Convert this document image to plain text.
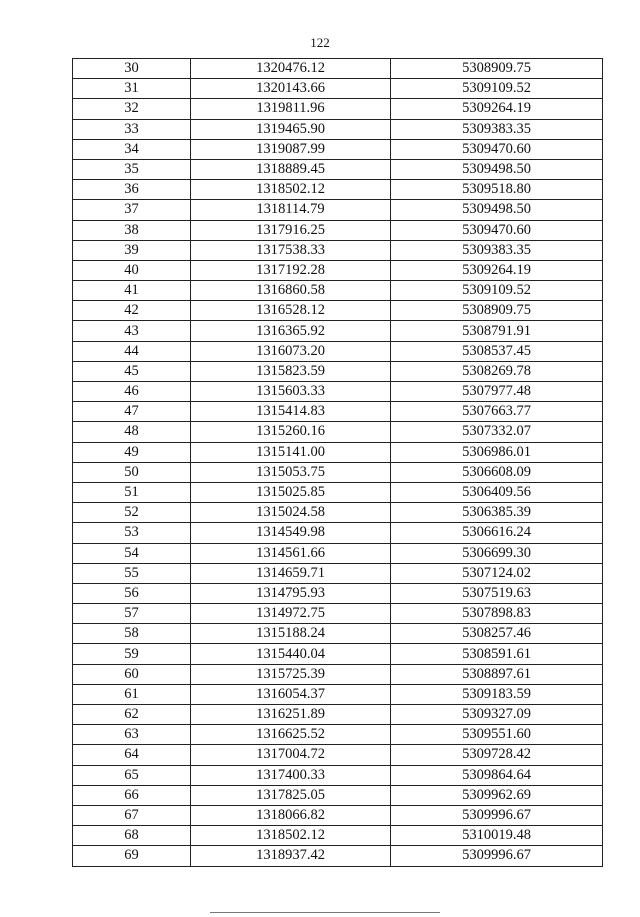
122
30	1320476.12	5308909.75
31	1320143.66	5309109.52
32	1319811.96	5309264.19
33	1319465.90	5309383.35
34	1319087.99	5309470.60
35	1318889.45	5309498.50
36	1318502.12	5309518.80
37	1318114.79	5309498.50
38	1317916.25	5309470.60
39	1317538.33	5309383.35
40	1317192.28	5309264.19
41	1316860.58	5309109.52
42	1316528.12	5308909.75
43	1316365.92	5308791.91
44	1316073.20	5308537.45
45	1315823.59	5308269.78
46	1315603.33	5307977.48
47	1315414.83	5307663.77
48	1315260.16	5307332.07
49	1315141.00	5306986.01
50	1315053.75	5306608.09
51	1315025.85	5306409.56
52	1315024.58	5306385.39
53	1314549.98	5306616.24
54	1314561.66	5306699.30
55	1314659.71	5307124.02
56	1314795.93	5307519.63
57	1314972.75	5307898.83
58	1315188.24	5308257.46
59	1315440.04	5308591.61
60	1315725.39	5308897.61
61	1316054.37	5309183.59
62	1316251.89	5309327.09
63	1316625.52	5309551.60
64	1317004.72	5309728.42
65	1317400.33	5309864.64
66	1317825.05	5309962.69
67	1318066.82	5309996.67
68	1318502.12	5310019.48
69	1318937.42	5309996.67
